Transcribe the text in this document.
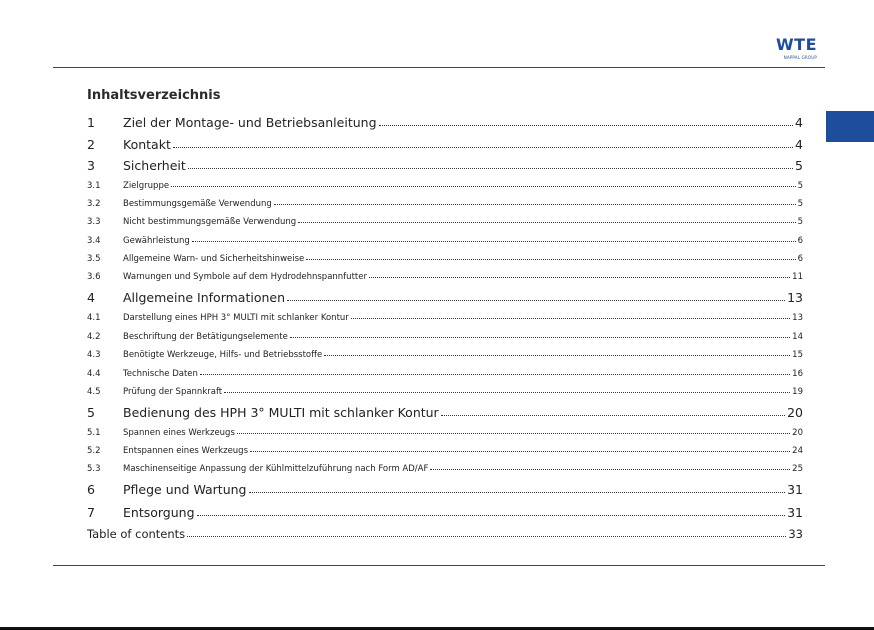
WTE
NAPPAL GROUP
Inhaltsverzeichnis
1	Ziel der Montage- und Betriebsanleitung	4
2	Kontakt	4
3	Sicherheit	5
3.1	Zielgruppe	5
3.2	Bestimmungsgemäße Verwendung	5
3.3	Nicht bestimmungsgemäße Verwendung	5
3.4	Gewährleistung	6
3.5	Allgemeine Warn- und Sicherheitshinweise	6
3.6	Warnungen und Symbole auf dem Hydrodehnspannfutter	11
4	Allgemeine Informationen	13
4.1	Darstellung eines HPH 3° MULTI mit schlanker Kontur	13
4.2	Beschriftung der Betätigungselemente	14
4.3	Benötigte Werkzeuge, Hilfs- und Betriebsstoffe	15
4.4	Technische Daten	16
4.5	Prüfung der Spannkraft	19
5	Bedienung des HPH 3° MULTI mit schlanker Kontur	20
5.1	Spannen eines Werkzeugs	20
5.2	Entspannen eines Werkzeugs	24
5.3	Maschinenseitige Anpassung der Kühlmittelzuführung nach Form AD/AF	25
6	Pflege und Wartung	31
7	Entsorgung	31
Table of contents	33
